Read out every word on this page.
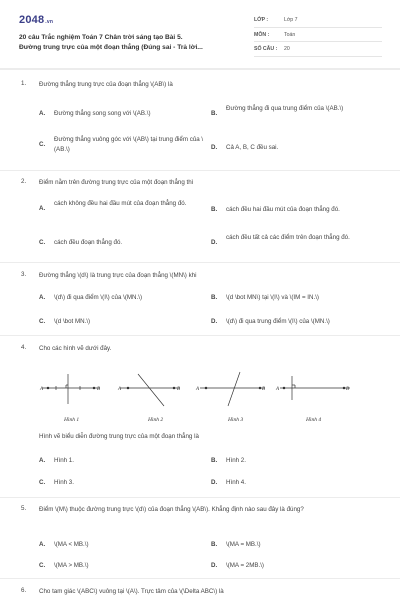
2048.vn
20 câu Trắc nghiệm Toán 7 Chân trời sáng tạo Bài 5.
Đường trung trực của một đoạn thẳng (Đúng sai - Trả lời...
LỚP :	Lớp 7
MÔN :	Toán
SỐ CÂU : 20
1. Đường thẳng trung trực của đoạn thẳng \(AB\) là
A. Đường thẳng song song với \(AB.\)	B.
Đường thẳng đi qua trung điểm của \(AB.\)
C.
Đường thẳng vuông góc với \(AB\) tại trung điểm của \(AB.\)	D. Cả A, B, C đều sai.
2. Điểm nằm trên đường trung trực của một đoạn thẳng thì
A.
cách không đều hai đầu mút của đoạn thẳng đó.
B. cách đều hai đầu mút của đoạn thẳng đó.
C. cách đều đoạn thẳng đó.	D.
cách đều tất cả các điểm trên đoạn thẳng đó.
3. Đường thẳng \(d\) là trung trực của đoạn thẳng \(MN\) khi
A. \(d\) đi qua điểm \(I\) của \(MN.\)	B. \(d \bot MN\) tại \(I\) và \(IM = IN.\)
C. \(d \bot MN.\)	D. \(d\) đi qua trung điểm \(I\) của \(MN.\)
4. Cho các hình vẽ dưới đây.
A	B	A	B	A	B A	B
Hình 1	Hình 2	Hình 3	Hình 4
Hình vẽ biểu diễn đường trung trực của một đoạn thẳng là
A. Hình 1.	B. Hình 2.
C. Hình 3.	D. Hình 4.
5. Điểm \(M\) thuộc đường trung trực \(d\) của đoạn thẳng \(AB\). Khẳng định nào sau đây là đúng?
A. \(MA < MB.\)	B. \(MA = MB.\)
C. \(MA > MB.\)	D. \(MA = 2MB.\)
6. Cho tam giác \(ABC\) vuông tại \(A\). Trực tâm của \(\Delta ABC\) là
